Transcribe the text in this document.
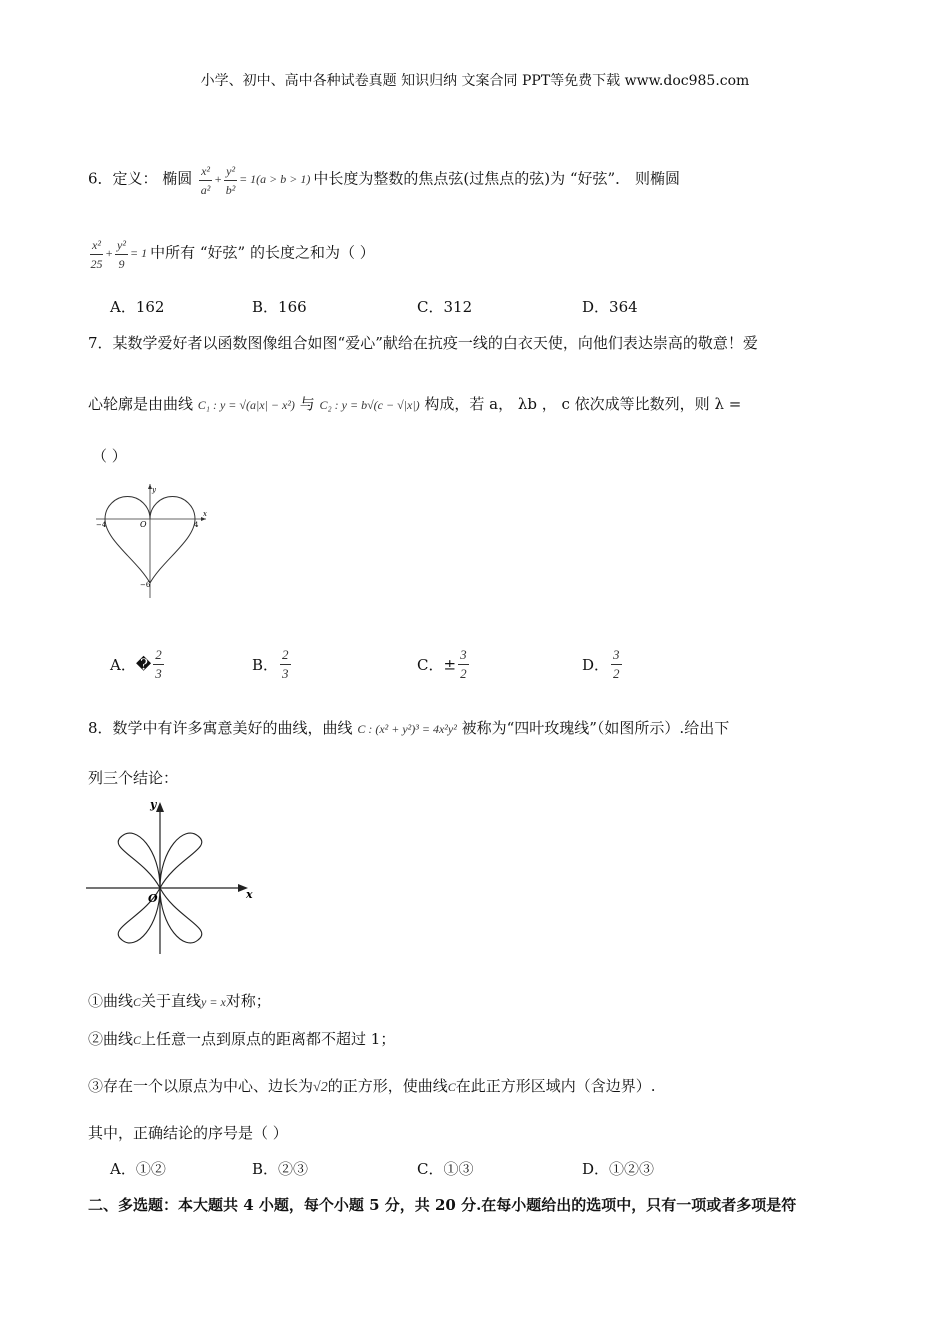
小学、初中、高中各种试卷真题 知识归纳 文案合同 PPT等免费下载 www.doc985.com
6．定义： 椭圆 $\frac{\text{x²}}{\text{a²}} + \frac{\text{y²}}{\text{b²}} = 1(a > b > 1)$ 中长度为整数的焦点弦(过焦点的弦)为 “好弦”． 则椭圆
$\frac{\text{x²}}{25} + \frac{\text{y²}}{9} = 1$ 中所有 “好弦” 的长度之和为（ ）
A．162	B．166	C．312	D．364
7．某数学爱好者以函数图像组合如图“爱心”献给在抗疫一线的白衣天使，向他们表达崇高的敬意！爱
心轮廓是由曲线 C₁ : y = √(a|x| − x²) 与 C₂ : y = b√(c − √|x|) 构成，若 a， λb ， c 依次成等比数列，则 λ =
（ ）
x
y
O
−4	4
−6
A．� $\frac{2}{3}$	B． $\frac{2}{3}$	C．± $\frac{3}{2}$	D． $\frac{3}{2}$
8．数学中有许多寓意美好的曲线，曲线 C : (x² + y²)³ = 4x²y² 被称为“四叶玫瑰线”（如图所示）.给出下
列三个结论：
x
y
O
①曲线C关于直线y = x对称；
②曲线C上任意一点到原点的距离都不超过 1；
③存在一个以原点为中心、边长为√2的正方形，使曲线C在此正方形区域内（含边界）.
其中，正确结论的序号是（ ）
A．①②	B．②③	C．①③	D．①②③
二、多选题：本大题共 4 小题，每个小题 5 分，共 20 分.在每小题给出的选项中，只有一项或者多项是符
